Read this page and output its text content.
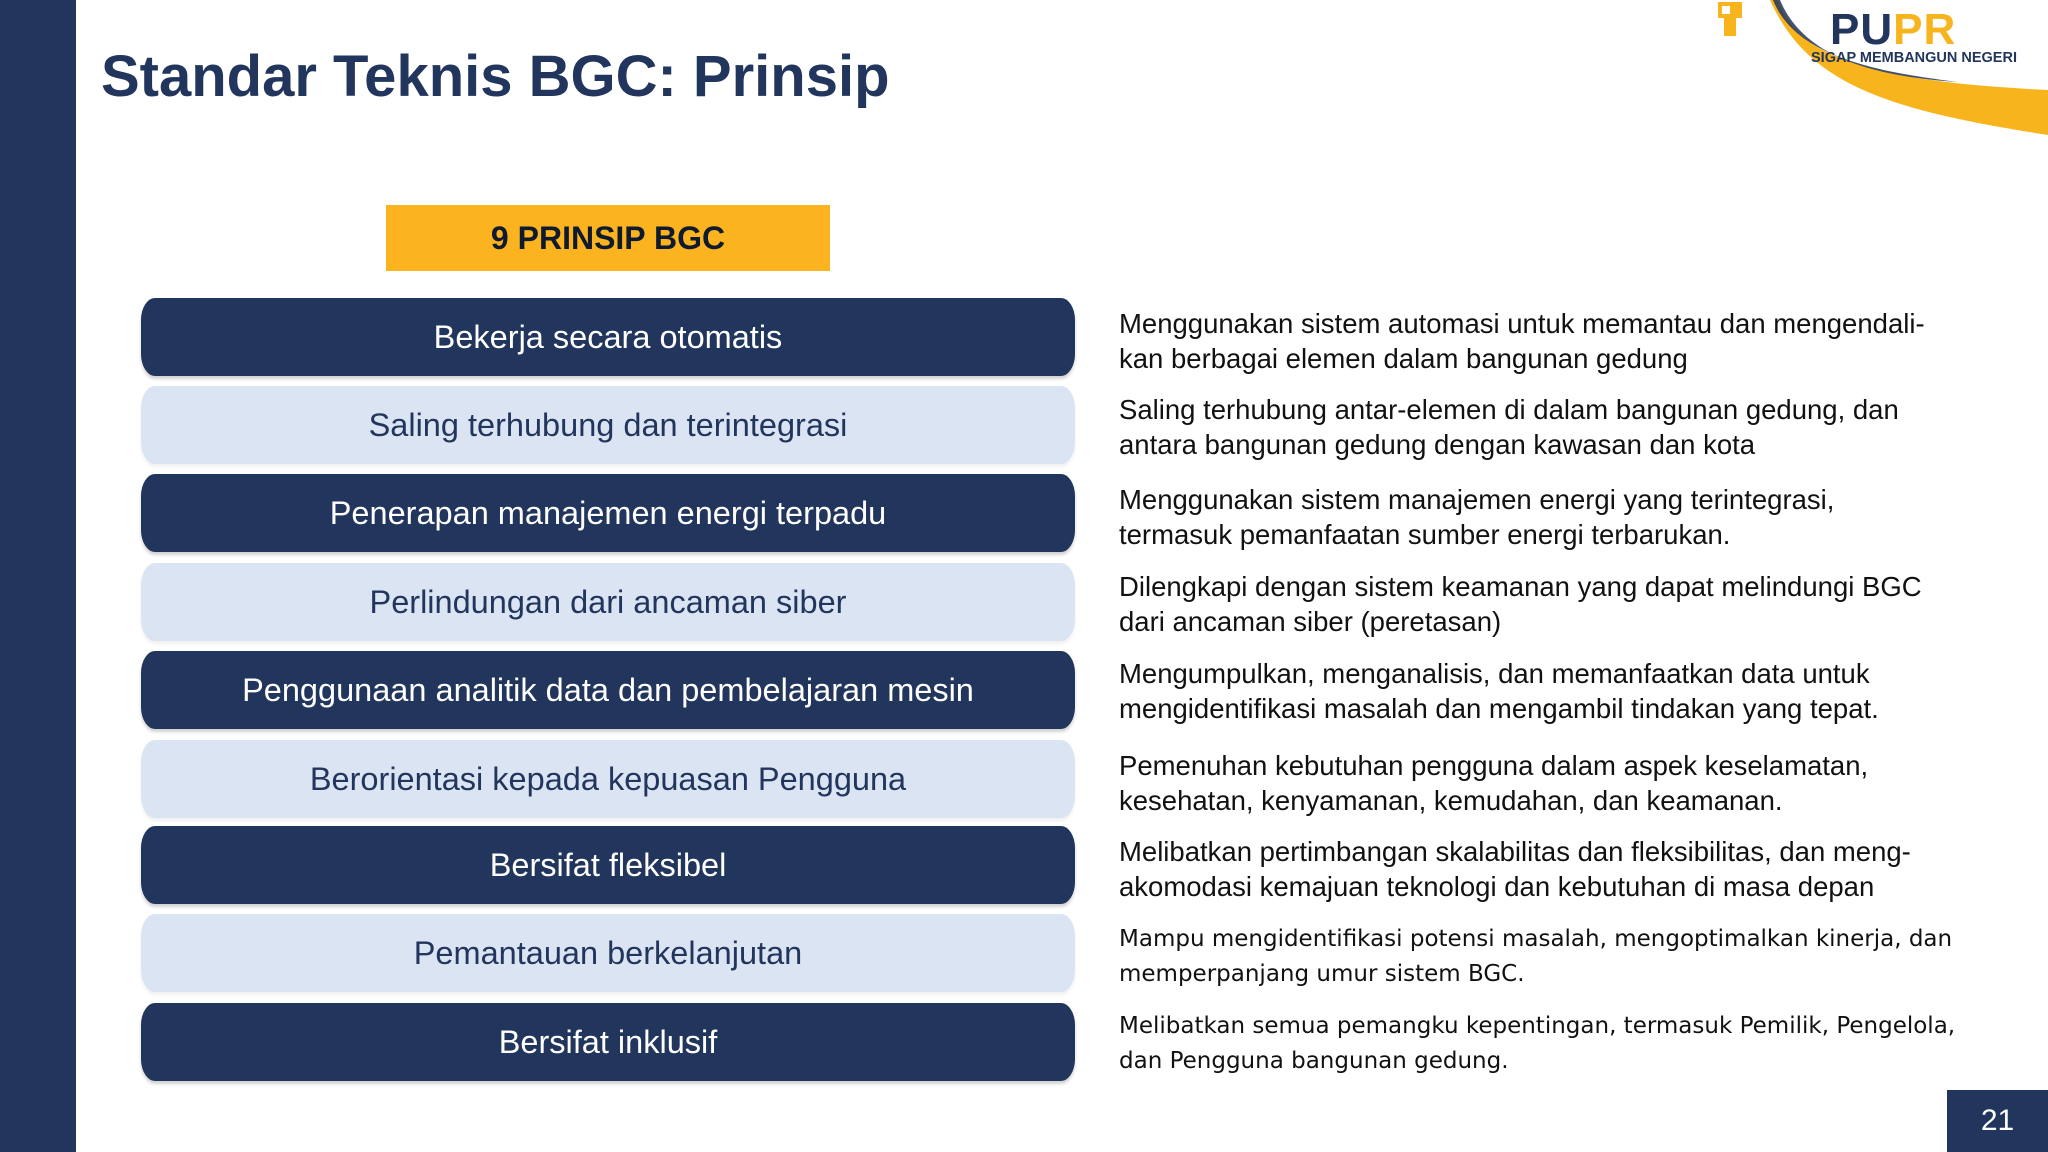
Standar Teknis BGC: Prinsip
PUPR
SIGAP MEMBANGUN NEGERI
9 PRINSIP BGC
Bekerja secara otomatis
Saling terhubung dan terintegrasi
Penerapan manajemen energi terpadu
Perlindungan dari ancaman siber
Penggunaan analitik data dan pembelajaran mesin
Berorientasi kepada kepuasan Pengguna
Bersifat fleksibel
Pemantauan berkelanjutan
Bersifat inklusif
Menggunakan sistem automasi untuk memantau dan mengendali-
kan berbagai elemen dalam bangunan gedung
Saling terhubung antar-elemen di dalam bangunan gedung, dan
antara bangunan gedung dengan kawasan dan kota
Menggunakan sistem manajemen energi yang terintegrasi,
termasuk pemanfaatan sumber energi terbarukan.
Dilengkapi dengan sistem keamanan yang dapat melindungi BGC
dari ancaman siber (peretasan)
Mengumpulkan, menganalisis, dan memanfaatkan data untuk
mengidentifikasi masalah dan mengambil tindakan yang tepat.
Pemenuhan kebutuhan pengguna dalam aspek keselamatan,
kesehatan, kenyamanan, kemudahan, dan keamanan.
Melibatkan pertimbangan skalabilitas dan fleksibilitas, dan meng-
akomodasi kemajuan teknologi dan kebutuhan di masa depan
Mampu mengidentifikasi potensi masalah, mengoptimalkan kinerja, dan
memperpanjang umur sistem BGC.
Melibatkan semua pemangku kepentingan, termasuk Pemilik, Pengelola,
dan Pengguna bangunan gedung.
21
